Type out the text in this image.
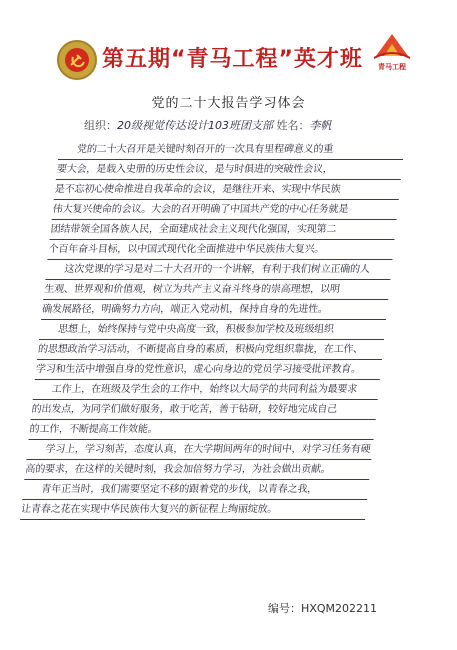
第五期“青马工程”英才班	青马工程
党的二十大报告学习体会
组织：20级视觉传达设计103班团支部 姓名：李帆

党的二十大召开是关键时刻召开的一次具有里程碑意义的重
要大会，是载入史册的历史性会议，是与时俱进的突破性会议，
是不忘初心使命推进自我革命的会议，是继往开来、实现中华民族
伟大复兴使命的会议。大会的召开明确了中国共产党的中心任务就是
团结带领全国各族人民，全面建成社会主义现代化强国，实现第二
个百年奋斗目标，以中国式现代化全面推进中华民族伟大复兴。

这次党课的学习是对二十大召开的一个讲解，有利于我们树立正确的人
生观、世界观和价值观，树立为共产主义奋斗终身的崇高理想，以明
确发展路径，明确努力方向，端正入党动机，保持自身的先进性。

思想上，始终保持与党中央高度一致，积极参加学校及班级组织
的思想政治学习活动，不断提高自身的素质，积极向党组织靠拢，在工作、
学习和生活中增强自身的党性意识，虚心向身边的党员学习接受批评教育。

工作上，在班级及学生会的工作中，始终以大局学的共同利益为最要求
的出发点，为同学们做好服务，敢于吃苦，善于钻研，较好地完成自己
的工作，不断提高工作效能。

学习上，学习刻苦，态度认真，在大学期间两年的时间中，对学习任务有硬
高的要求，在这样的关键时刻，我会加倍努力学习，为社会做出贡献。

青年正当时，我们需要坚定不移的跟着党的步伐，以青春之我，
让青春之花在实现中华民族伟大复兴的新征程上绚丽绽放。

编号：HXQM202211
